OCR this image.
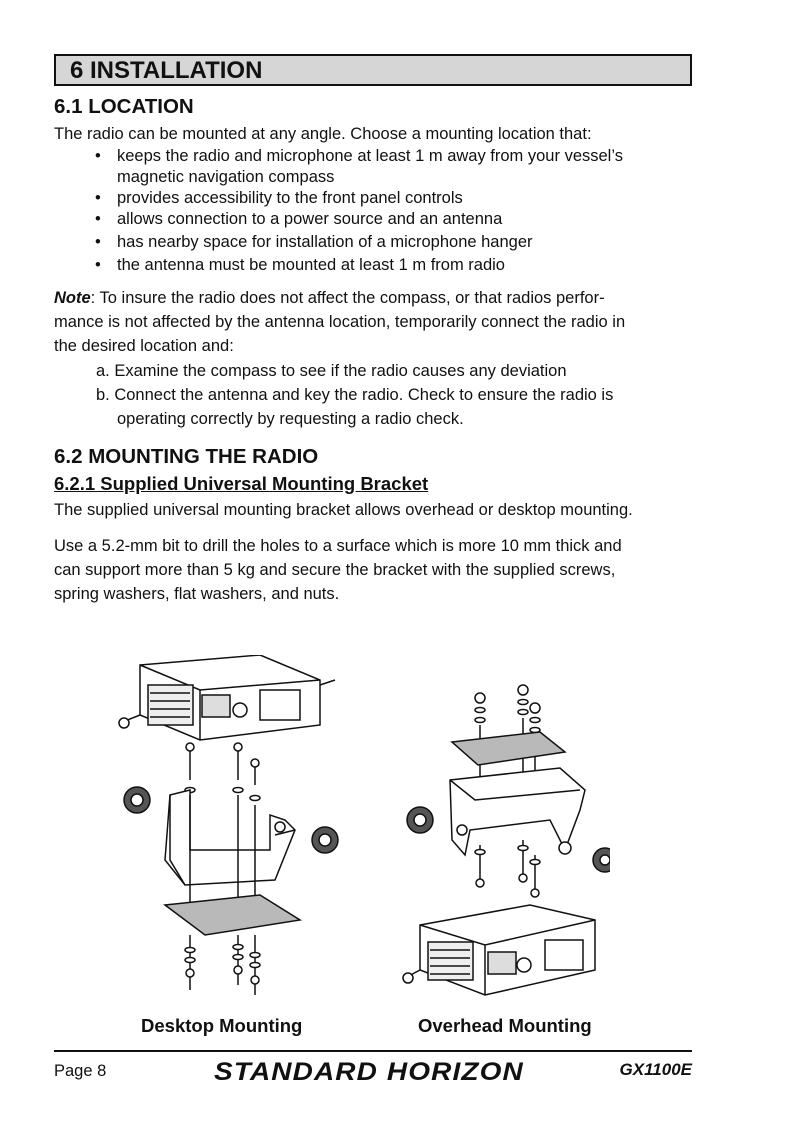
6 INSTALLATION
6.1 LOCATION
The radio can be mounted at any angle. Choose a mounting location that:
• keeps the radio and microphone at least 1 m away from your vessel’s
magnetic navigation compass
• provides accessibility to the front panel controls
• allows connection to a power source and an antenna
• has nearby space for installation of a microphone hanger
• the antenna must be mounted at least 1 m from radio
Note: To insure the radio does not affect the compass, or that radios perfor-
mance is not affected by the antenna location, temporarily connect the radio in
the desired location and:
a. Examine the compass to see if the radio causes any deviation
b. Connect the antenna and key the radio. Check to ensure the radio is
operating correctly by requesting a radio check.
6.2 MOUNTING THE RADIO
6.2.1 Supplied Universal Mounting Bracket
The supplied universal mounting bracket allows overhead or desktop mounting.
Use a 5.2-mm bit to drill the holes to a surface which is more 10 mm thick and
can support more than 5 kg and secure the bracket with the supplied screws,
spring washers, flat washers, and nuts.
Desktop Mounting	Overhead Mounting
Page 8	STANDARD HORIZON	GX1100E
